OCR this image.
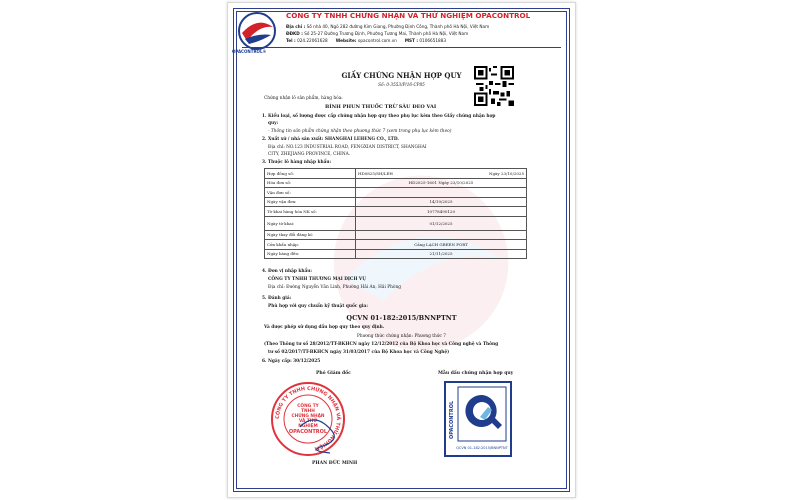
OPACONTROL®
CÔNG TY TNHH CHỨNG NHẬN VÀ THỬ NGHIỆM OPACONTROL
Địa chỉ : Số nhà 40, Ngõ 282 đường Kim Giang, Phường Định Công, Thành phố Hà Nội, Việt Nam
ĐĐKD : Số 25-27 Đường Trương Định, Phường Tương Mai, Thành phố Hà Nội, Việt Nam
Tel : 024.22061628 Website: opacontrol.com.vn MST : 0106651883
GIẤY CHỨNG NHẬN HỢP QUY
Số: 0-3553/P/16-CP85
Chứng nhận lô sản phẩm, hàng hóa:
BÌNH PHUN THUỐC TRỪ SÂU ĐEO VAI
1. Kiểu loại, số lượng được cấp chứng nhận hợp quy theo phụ lục kèm theo Giấy chứng nhận hợp
quy:
- Thông tin sản phẩm chứng nhận theo phương thức 7 (xem trong phụ lục kèm theo)
2. Xuất xứ / nhà sản xuất: SHANGHAI LEHENG CO., LTD.
Địa chỉ: NO.123 INDUSTRIAL ROAD, FENGXIAN DISTRICT, SHANGHAI
CITY, ZHEJIANG PROVINCE, CHINA.
3. Thuộc lô hàng nhập khẩu:
Hợp đồng số:	HD0825/SH/LEH Ngày 23/10/2025

Hóa đơn số:	HD2025-1601 Ngày 23/10/2025
Vận đơn số:	
Ngày vận đơn:	14/10/2025
Tờ khai hàng hóa NK số:	10778490120
Ngày tờ khai:	01/12/2025
Ngày thay đổi đăng kí:	
Cửa khẩu nhập:	Cảng LẠCH GREEN PORT
Ngày hàng đến:	21/11/2025
4. Đơn vị nhập khẩu:
CÔNG TY TNHH THƯƠNG MẠI DỊCH VỤ
Địa chỉ: Đường Nguyễn Văn Linh, Phường Hải An, Hải Phòng
5. Đánh giá:
Phù hợp với quy chuẩn kỹ thuật quốc gia:
QCVN 01-182:2015/BNNPTNT
Và được phép sử dụng dấu hợp quy theo quy định.
Phương thức chứng nhận: Phương thức 7
(Theo Thông tư số 28/2012/TT-BKHCN ngày 12/12/2012 của Bộ Khoa học và Công nghệ và Thông
tư số 02/2017/TT-BKHCN ngày 31/03/2017 của Bộ Khoa học và Công Nghệ)
6. Ngày cấp: 30/12/2025
Phó Giám đốc	Mẫu dấu chứng nhận hợp quy
CÔNG TY TNHH CHỨNG NHẬN VÀ THỬ NGHIỆM
CÔNG TY
TNHH
CHỨNG NHẬN
VÀ THỬ
NGHIỆM
OPACONTROL
PHAN ĐỨC MINH
OPACONTROL
QCVN 01-182:2015/BNNPTNT
